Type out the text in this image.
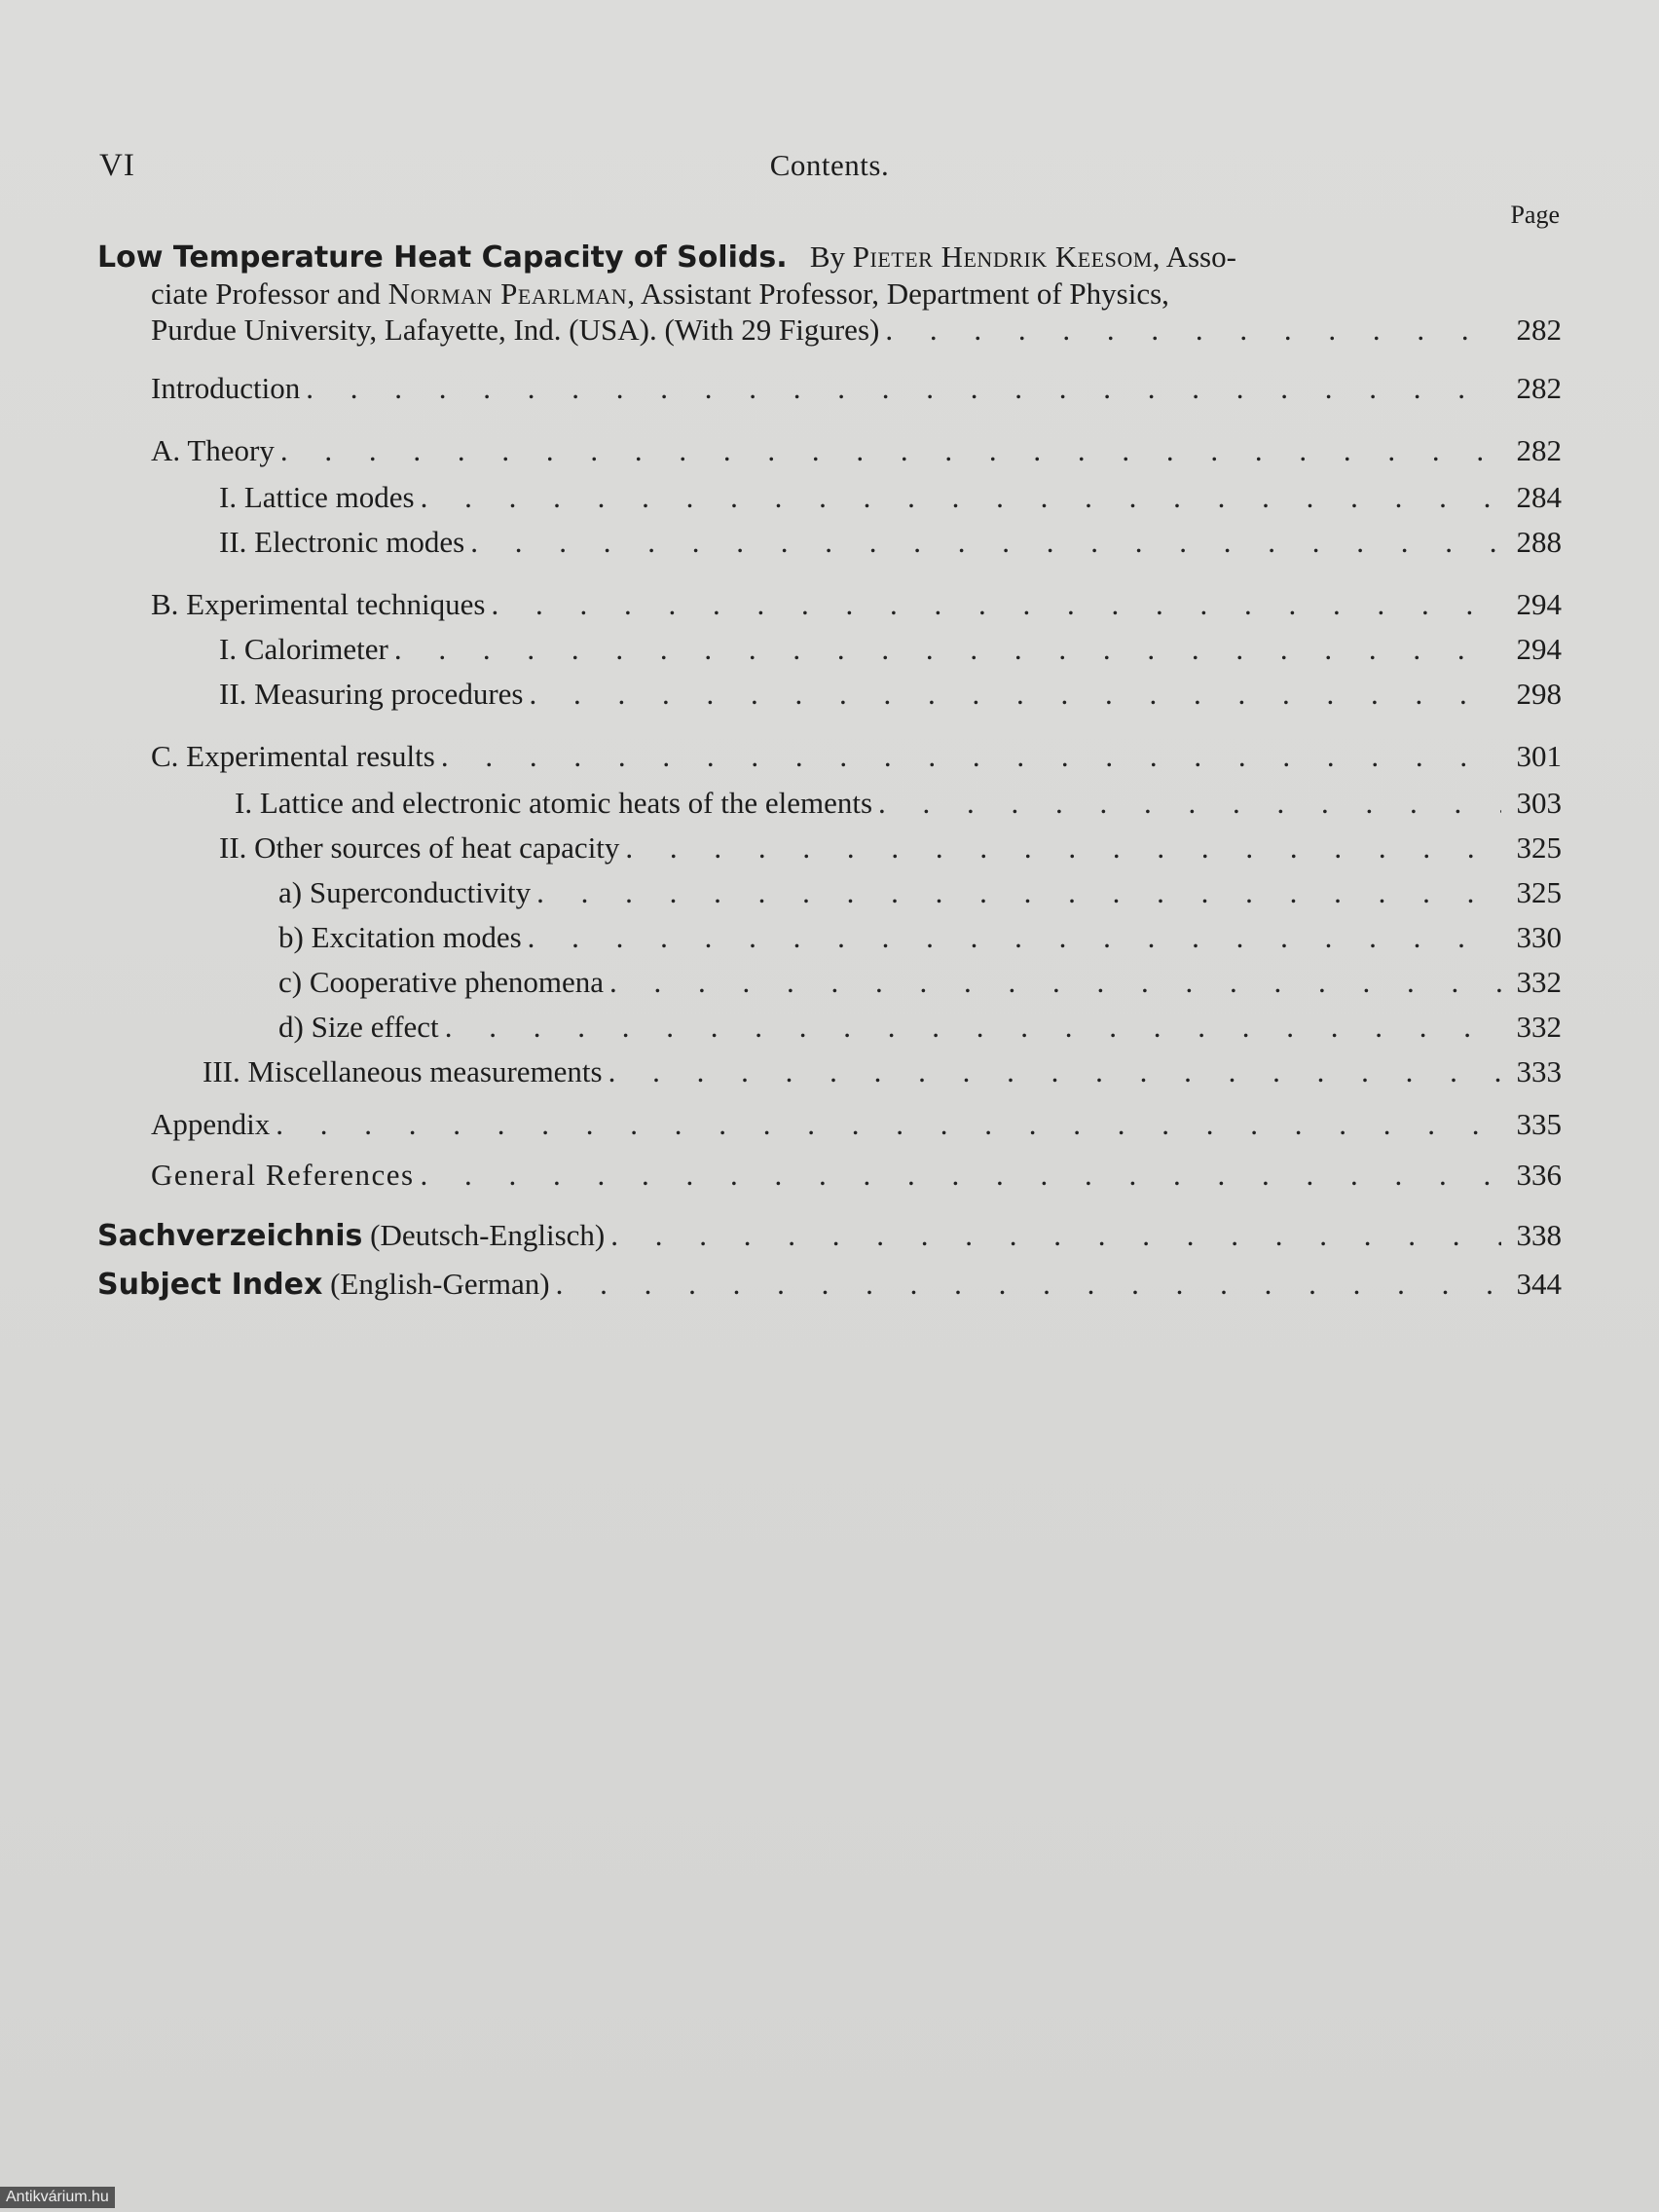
VI	Contents.
Page
Low Temperature Heat Capacity of Solids. By Pieter Hendrik Keesom, Asso-
ciate Professor and Norman Pearlman, Assistant Professor, Department of Physics,
Purdue University, Lafayette, Ind. (USA). (With 29 Figures) . . .	282
Introduction . . .	282
A. Theory . . .	282
I. Lattice modes . . .	284
II. Electronic modes . . .	288
B. Experimental techniques . . .	294
I. Calorimeter . . .	294
II. Measuring procedures . . .	298
C. Experimental results . . .	301
I. Lattice and electronic atomic heats of the elements . . .	303
II. Other sources of heat capacity . . .	325
a) Superconductivity . . .	325
b) Excitation modes . . .	330
c) Cooperative phenomena . . .	332
d) Size effect . . .	332
III. Miscellaneous measurements . . .	333
Appendix . . .	335
General References . . .	336
Sachverzeichnis (Deutsch-Englisch) . . .	338
Subject Index (English-German) . . .	344
Antikvárium.hu
